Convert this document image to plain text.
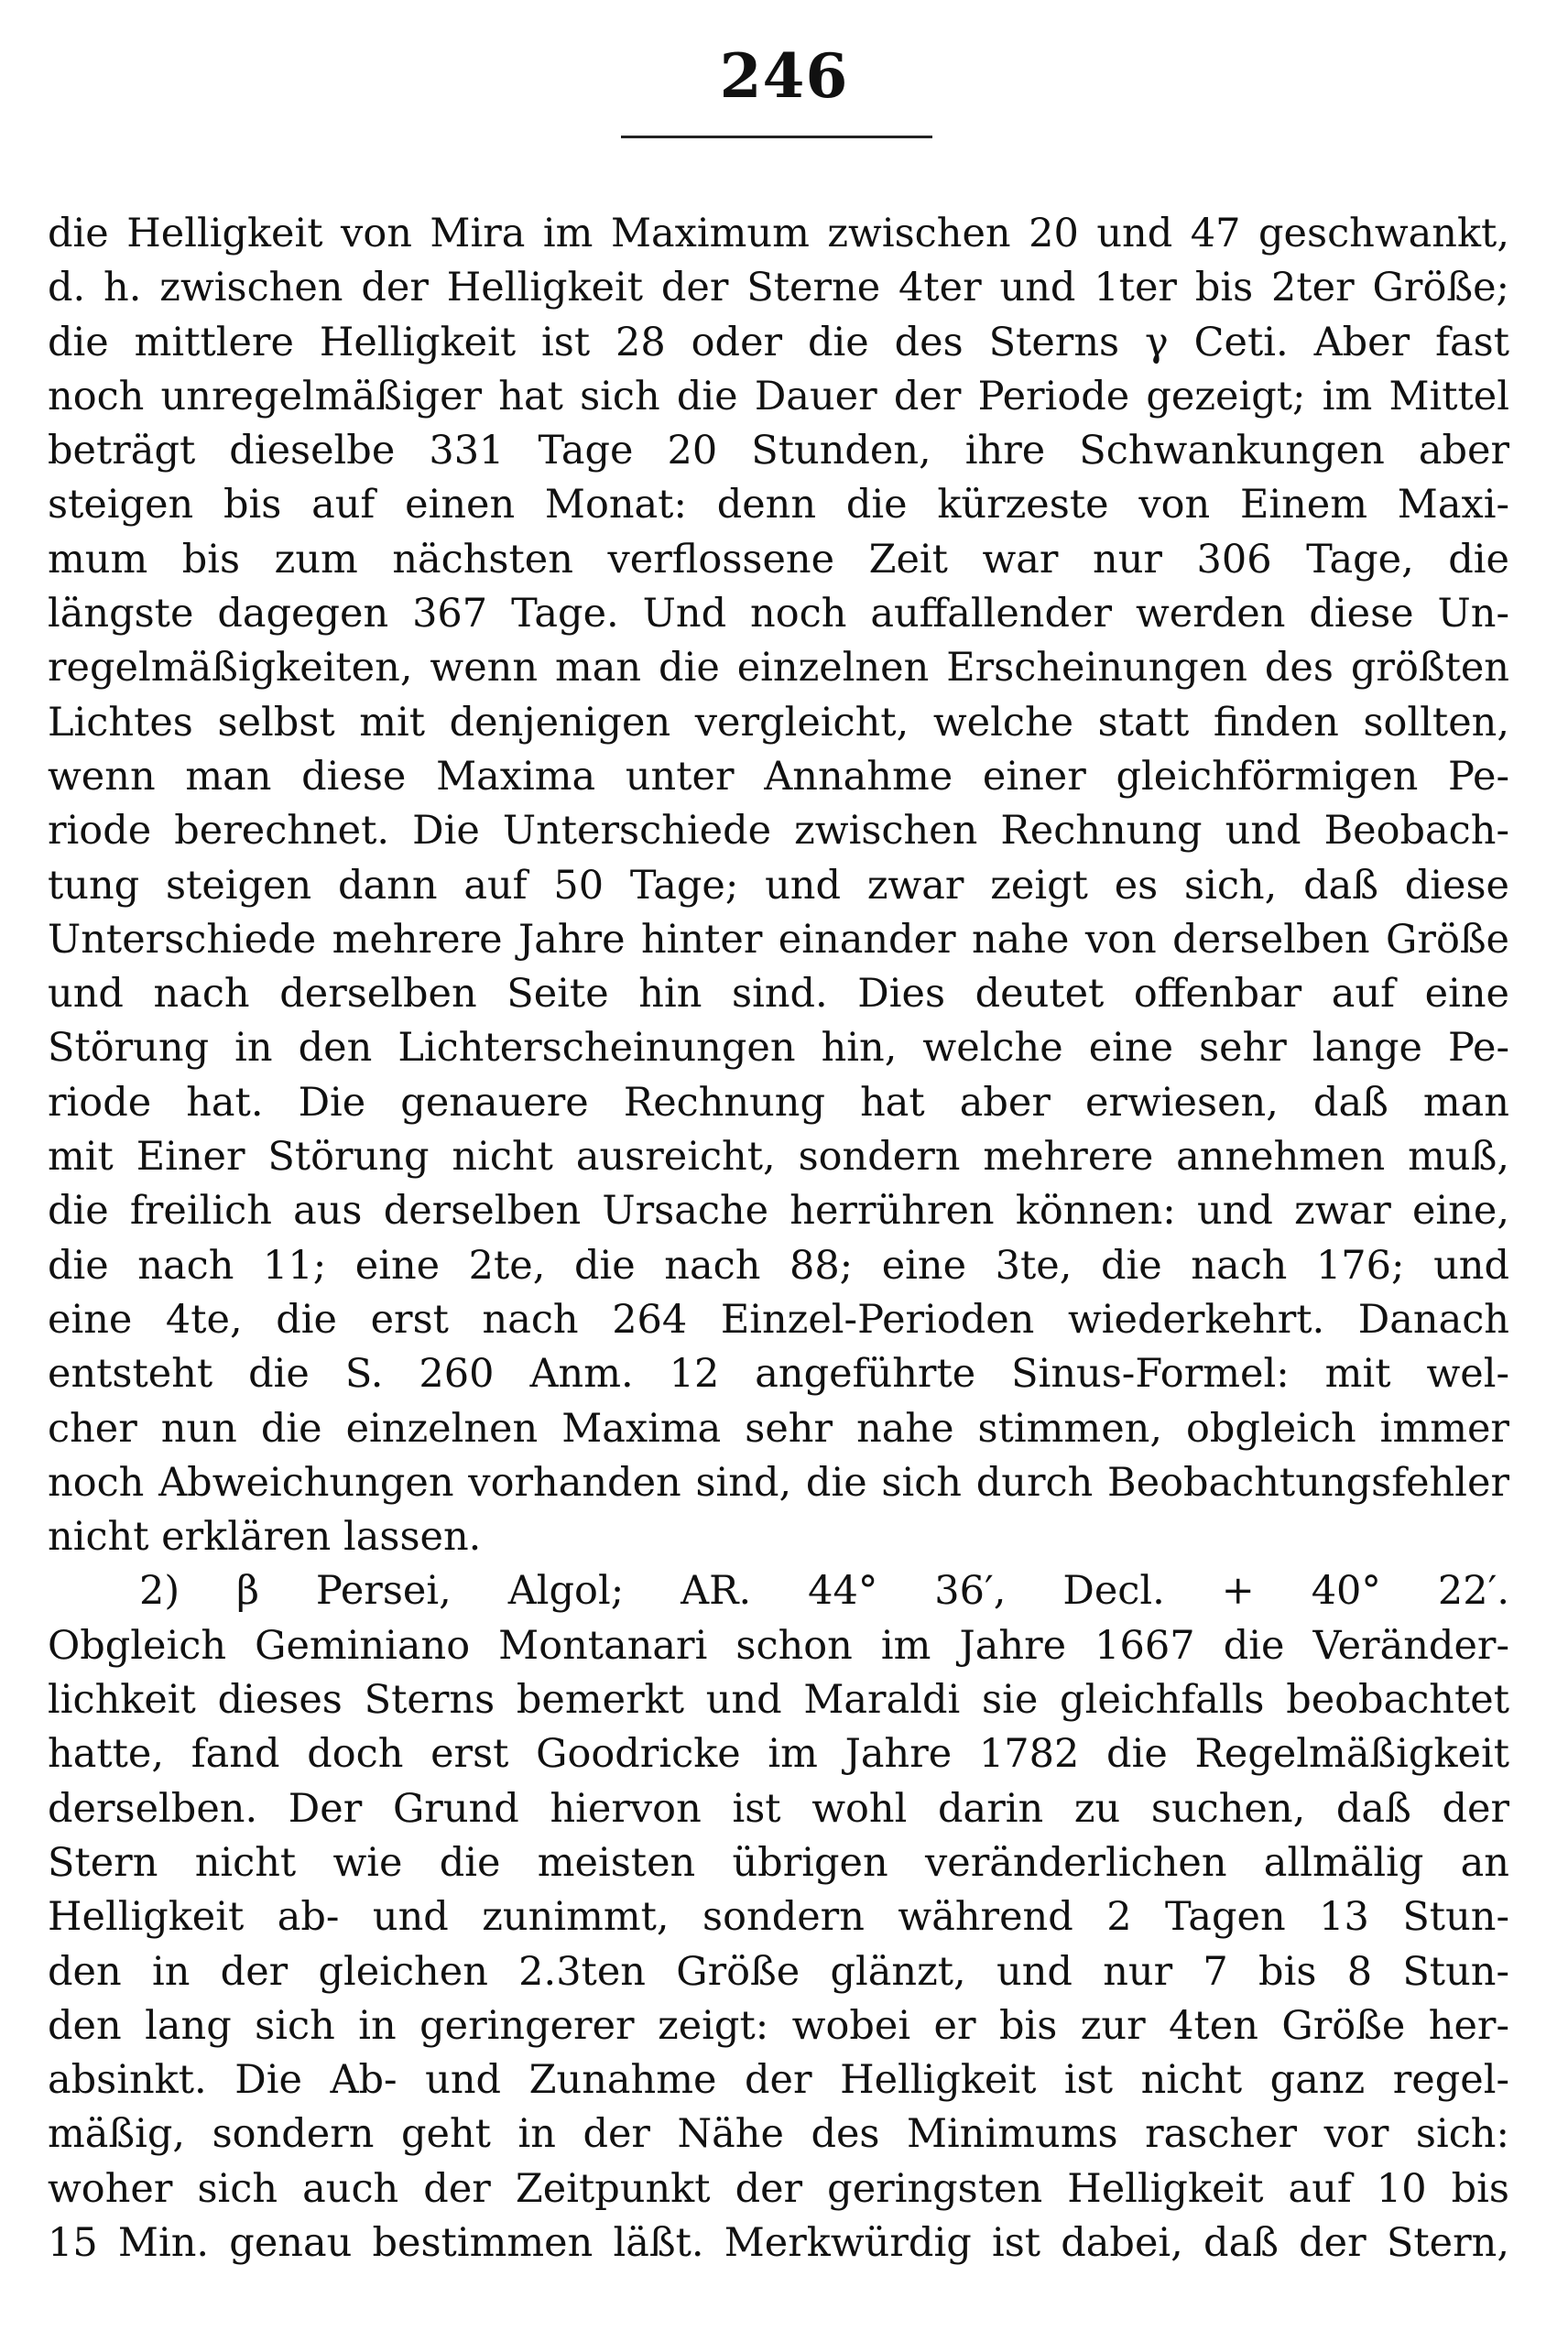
246
die Helligkeit von Mira im Maximum zwischen 20 und 47 geschwankt,
d. h. zwischen der Helligkeit der Sterne 4ter und 1ter bis 2ter Größe;
die mittlere Helligkeit ist 28 oder die des Sterns γ Ceti. Aber fast
noch unregelmäßiger hat sich die Dauer der Periode gezeigt; im Mittel
beträgt dieselbe 331 Tage 20 Stunden, ihre Schwankungen aber
steigen bis auf einen Monat: denn die kürzeste von Einem Maxi-
mum bis zum nächsten verflossene Zeit war nur 306 Tage, die
längste dagegen 367 Tage. Und noch auffallender werden diese Un-
regelmäßigkeiten, wenn man die einzelnen Erscheinungen des größten
Lichtes selbst mit denjenigen vergleicht, welche statt finden sollten,
wenn man diese Maxima unter Annahme einer gleichförmigen Pe-
riode berechnet. Die Unterschiede zwischen Rechnung und Beobach-
tung steigen dann auf 50 Tage; und zwar zeigt es sich, daß diese
Unterschiede mehrere Jahre hinter einander nahe von derselben Größe
und nach derselben Seite hin sind. Dies deutet offenbar auf eine
Störung in den Lichterscheinungen hin, welche eine sehr lange Pe-
riode hat. Die genauere Rechnung hat aber erwiesen, daß man
mit Einer Störung nicht ausreicht, sondern mehrere annehmen muß,
die freilich aus derselben Ursache herrühren können: und zwar eine,
die nach 11; eine 2te, die nach 88; eine 3te, die nach 176; und
eine 4te, die erst nach 264 Einzel-Perioden wiederkehrt. Danach
entsteht die S. 260 Anm. 12 angeführte Sinus-Formel: mit wel-
cher nun die einzelnen Maxima sehr nahe stimmen, obgleich immer
noch Abweichungen vorhanden sind, die sich durch Beobachtungsfehler
nicht erklären lassen.
2) β Persei, Algol; AR. 44° 36′, Decl. + 40° 22′.
Obgleich Geminiano Montanari schon im Jahre 1667 die Veränder-
lichkeit dieses Sterns bemerkt und Maraldi sie gleichfalls beobachtet
hatte, fand doch erst Goodricke im Jahre 1782 die Regelmäßigkeit
derselben. Der Grund hiervon ist wohl darin zu suchen, daß der
Stern nicht wie die meisten übrigen veränderlichen allmälig an
Helligkeit ab- und zunimmt, sondern während 2 Tagen 13 Stun-
den in der gleichen 2.3ten Größe glänzt, und nur 7 bis 8 Stun-
den lang sich in geringerer zeigt: wobei er bis zur 4ten Größe her-
absinkt. Die Ab- und Zunahme der Helligkeit ist nicht ganz regel-
mäßig, sondern geht in der Nähe des Minimums rascher vor sich:
woher sich auch der Zeitpunkt der geringsten Helligkeit auf 10 bis
15 Min. genau bestimmen läßt. Merkwürdig ist dabei, daß der Stern,
